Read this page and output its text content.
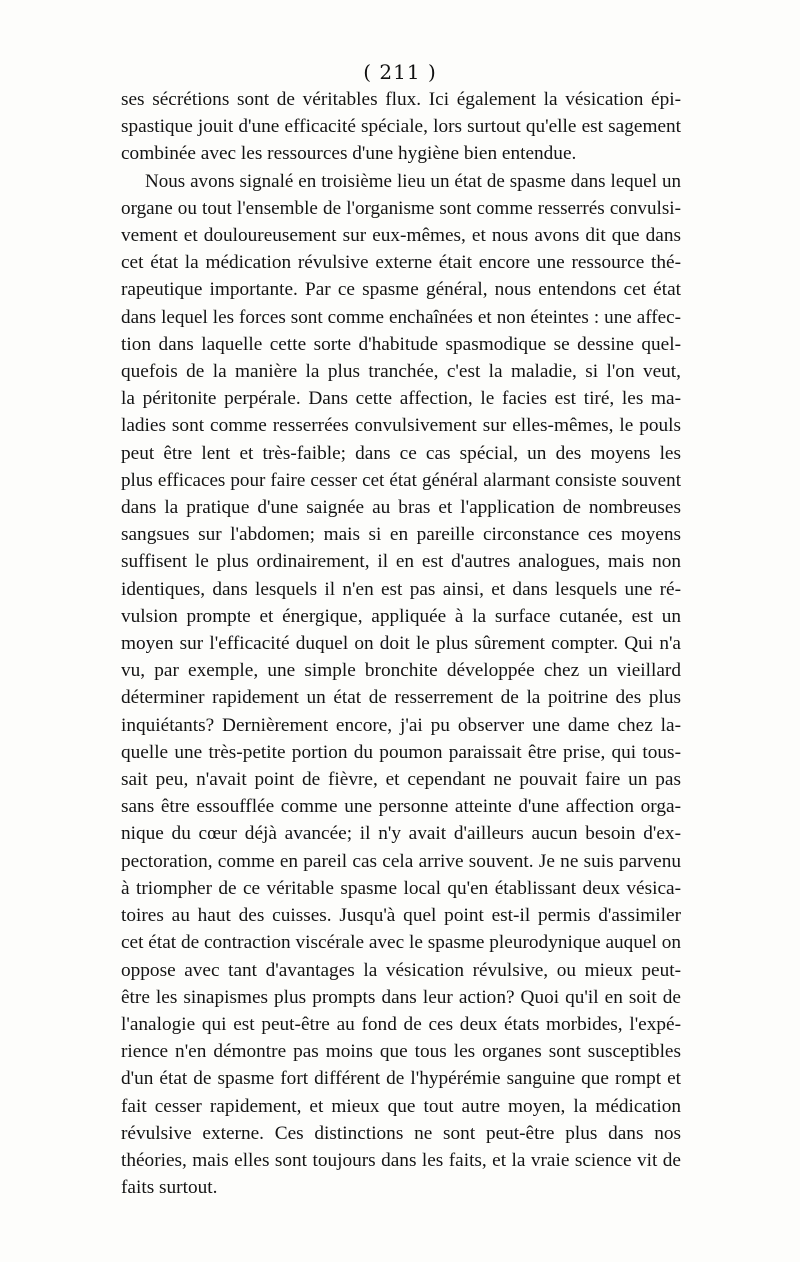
( 211 )
ses sécrétions sont de véritables flux. Ici également la vésication épi-
spastique jouit d'une efficacité spéciale, lors surtout qu'elle est sagement
combinée avec les ressources d'une hygiène bien entendue.
Nous avons signalé en troisième lieu un état de spasme dans lequel un
organe ou tout l'ensemble de l'organisme sont comme resserrés convulsi-
vement et douloureusement sur eux-mêmes, et nous avons dit que dans
cet état la médication révulsive externe était encore une ressource thé-
rapeutique importante. Par ce spasme général, nous entendons cet état
dans lequel les forces sont comme enchaînées et non éteintes : une affec-
tion dans laquelle cette sorte d'habitude spasmodique se dessine quel-
quefois de la manière la plus tranchée, c'est la maladie, si l'on veut,
la péritonite perpérale. Dans cette affection, le facies est tiré, les ma-
ladies sont comme resserrées convulsivement sur elles-mêmes, le pouls
peut être lent et très-faible; dans ce cas spécial, un des moyens les
plus efficaces pour faire cesser cet état général alarmant consiste souvent
dans la pratique d'une saignée au bras et l'application de nombreuses
sangsues sur l'abdomen; mais si en pareille circonstance ces moyens
suffisent le plus ordinairement, il en est d'autres analogues, mais non
identiques, dans lesquels il n'en est pas ainsi, et dans lesquels une ré-
vulsion prompte et énergique, appliquée à la surface cutanée, est un
moyen sur l'efficacité duquel on doit le plus sûrement compter. Qui n'a
vu, par exemple, une simple bronchite développée chez un vieillard
déterminer rapidement un état de resserrement de la poitrine des plus
inquiétants? Dernièrement encore, j'ai pu observer une dame chez la-
quelle une très-petite portion du poumon paraissait être prise, qui tous-
sait peu, n'avait point de fièvre, et cependant ne pouvait faire un pas
sans être essoufflée comme une personne atteinte d'une affection orga-
nique du cœur déjà avancée; il n'y avait d'ailleurs aucun besoin d'ex-
pectoration, comme en pareil cas cela arrive souvent. Je ne suis parvenu
à triompher de ce véritable spasme local qu'en établissant deux vésica-
toires au haut des cuisses. Jusqu'à quel point est-il permis d'assimiler
cet état de contraction viscérale avec le spasme pleurodynique auquel on
oppose avec tant d'avantages la vésication révulsive, ou mieux peut-
être les sinapismes plus prompts dans leur action? Quoi qu'il en soit de
l'analogie qui est peut-être au fond de ces deux états morbides, l'expé-
rience n'en démontre pas moins que tous les organes sont susceptibles
d'un état de spasme fort différent de l'hypérémie sanguine que rompt et
fait cesser rapidement, et mieux que tout autre moyen, la médication
révulsive externe. Ces distinctions ne sont peut-être plus dans nos
théories, mais elles sont toujours dans les faits, et la vraie science vit de
faits surtout.
